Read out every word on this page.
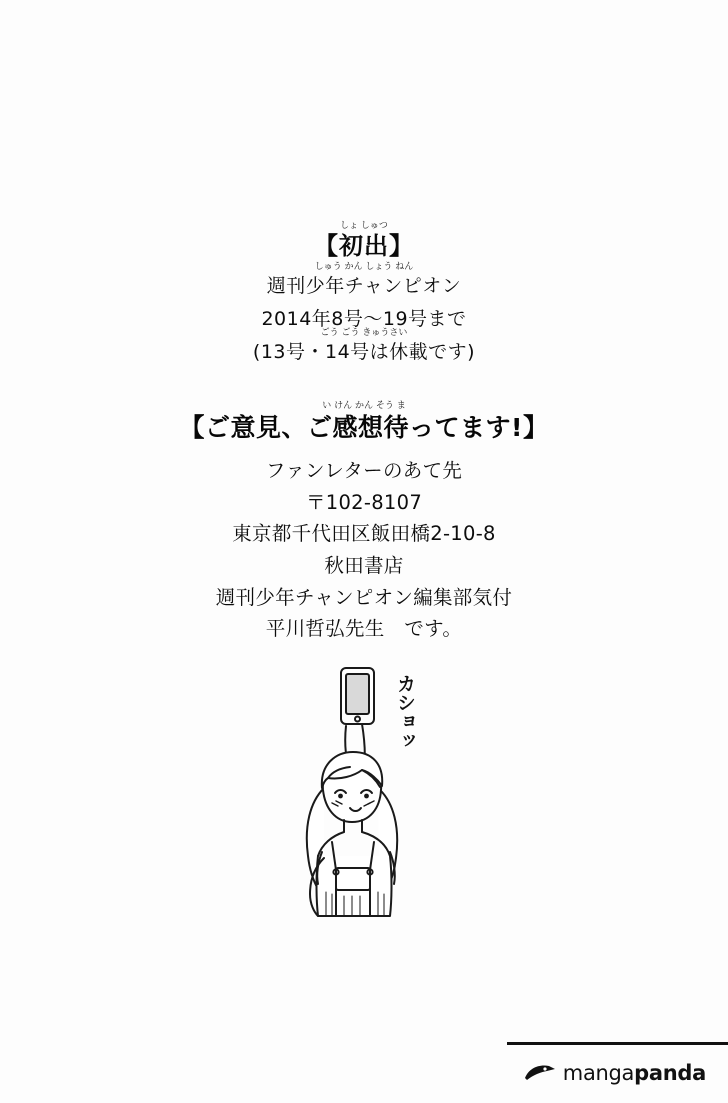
【
しょ しゅつ
初出】
しゅう かん しょう ねん
週刊少年チャンピオン
2014年8号〜19号まで
ごう ごう きゅうさい
(13号・14号は休載です)
い けん かん そう ま
【ご意見、ご感想待ってます!】
ファンレターのあて先
〒102-8107
東京都千代田区飯田橋2-10-8
秋田書店
週刊少年チャンピオン編集部気付
平川哲弘先生　です。
カショッ
mangapanda
